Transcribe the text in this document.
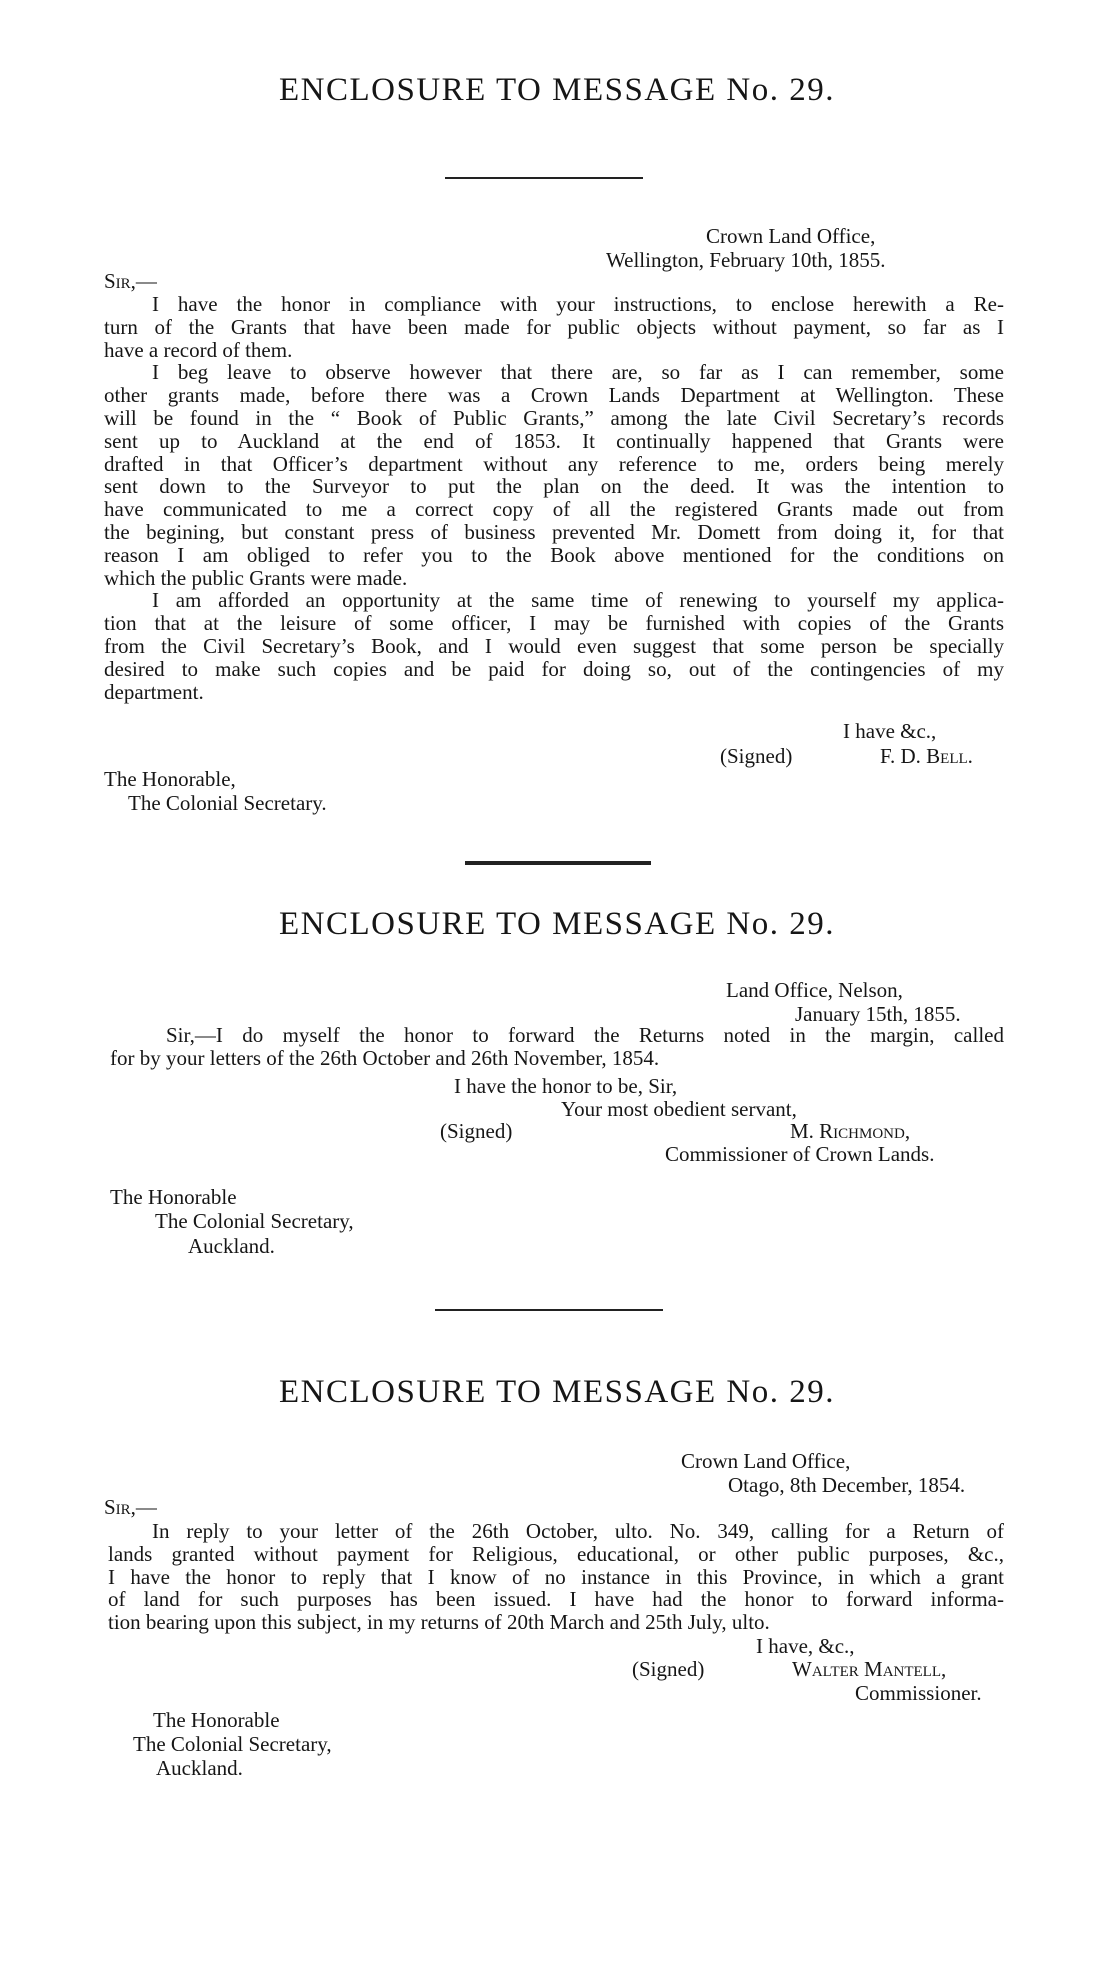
ENCLOSURE TO MESSAGE No. 29.
Crown Land Office,
Wellington, February 10th, 1855.
Sir,—

I have the honor in compliance with your instructions, to enclose herewith a Re-

turn of the Grants that have been made for public objects without payment, so far as I

have a record of them.

I beg leave to observe however that there are, so far as I can remember, some

other grants made, before there was a Crown Lands Department at Wellington. These

will be found in the “ Book of Public Grants,” among the late Civil Secretary’s records

sent up to Auckland at the end of 1853. It continually happened that Grants were

drafted in that Officer’s department without any reference to me, orders being merely

sent down to the Surveyor to put the plan on the deed. It was the intention to

have communicated to me a correct copy of all the registered Grants made out from

the begining, but constant press of business prevented Mr. Domett from doing it, for that

reason I am obliged to refer you to the Book above mentioned for the conditions on

which the public Grants were made.

I am afforded an opportunity at the same time of renewing to yourself my applica-

tion that at the leisure of some officer, I may be furnished with copies of the Grants

from the Civil Secretary’s Book, and I would even suggest that some person be specially

desired to make such copies and be paid for doing so, out of the contingencies of my

department.

I have &c.,
(Signed)	F. D. Bell.
The Honorable,
The Colonial Secretary.
ENCLOSURE TO MESSAGE No. 29.
Land Office, Nelson,
January 15th, 1855.

Sir,—I do myself the honor to forward the Returns noted in the margin, called

for by your letters of the 26th October and 26th November, 1854.

I have the honor to be, Sir,
Your most obedient servant,
(Signed)	M. Richmond,
Commissioner of Crown Lands.
The Honorable
The Colonial Secretary,
Auckland.
ENCLOSURE TO MESSAGE No. 29.
Crown Land Office,
Otago, 8th December, 1854.
Sir,—

In reply to your letter of the 26th October, ulto. No. 349, calling for a Return of

lands granted without payment for Religious, educational, or other public purposes, &c.,

I have the honor to reply that I know of no instance in this Province, in which a grant

of land for such purposes has been issued. I have had the honor to forward informa-

tion bearing upon this subject, in my returns of 20th March and 25th July, ulto.

I have, &c.,
(Signed)	Walter Mantell,
Commissioner.
The Honorable
The Colonial Secretary,
Auckland.
